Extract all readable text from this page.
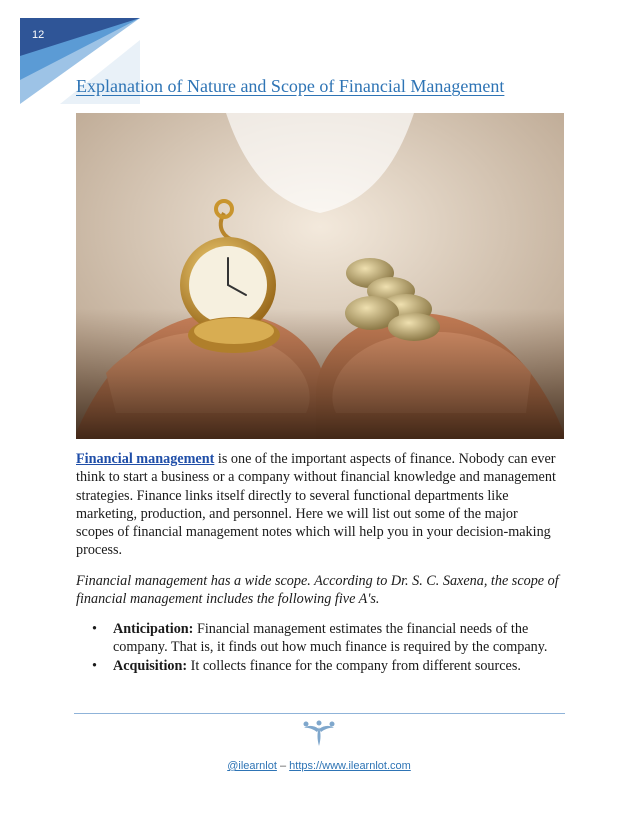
12
Explanation of Nature and Scope of Financial Management

Financial management is one of the important aspects of finance. Nobody can ever think to start a business or a company without financial knowledge and management strategies. Finance links itself directly to several functional departments like marketing, production, and personnel. Here we will list out some of the major scopes of financial management notes which will help you in your decision-making process.

Financial management has a wide scope. According to Dr. S. C. Saxena, the scope of financial management includes the following five A's.

• Anticipation: Financial management estimates the financial needs of the company. That is, it finds out how much finance is required by the company.
• Acquisition: It collects finance for the company from different sources.
@ilearnlot – https://www.ilearnlot.com
